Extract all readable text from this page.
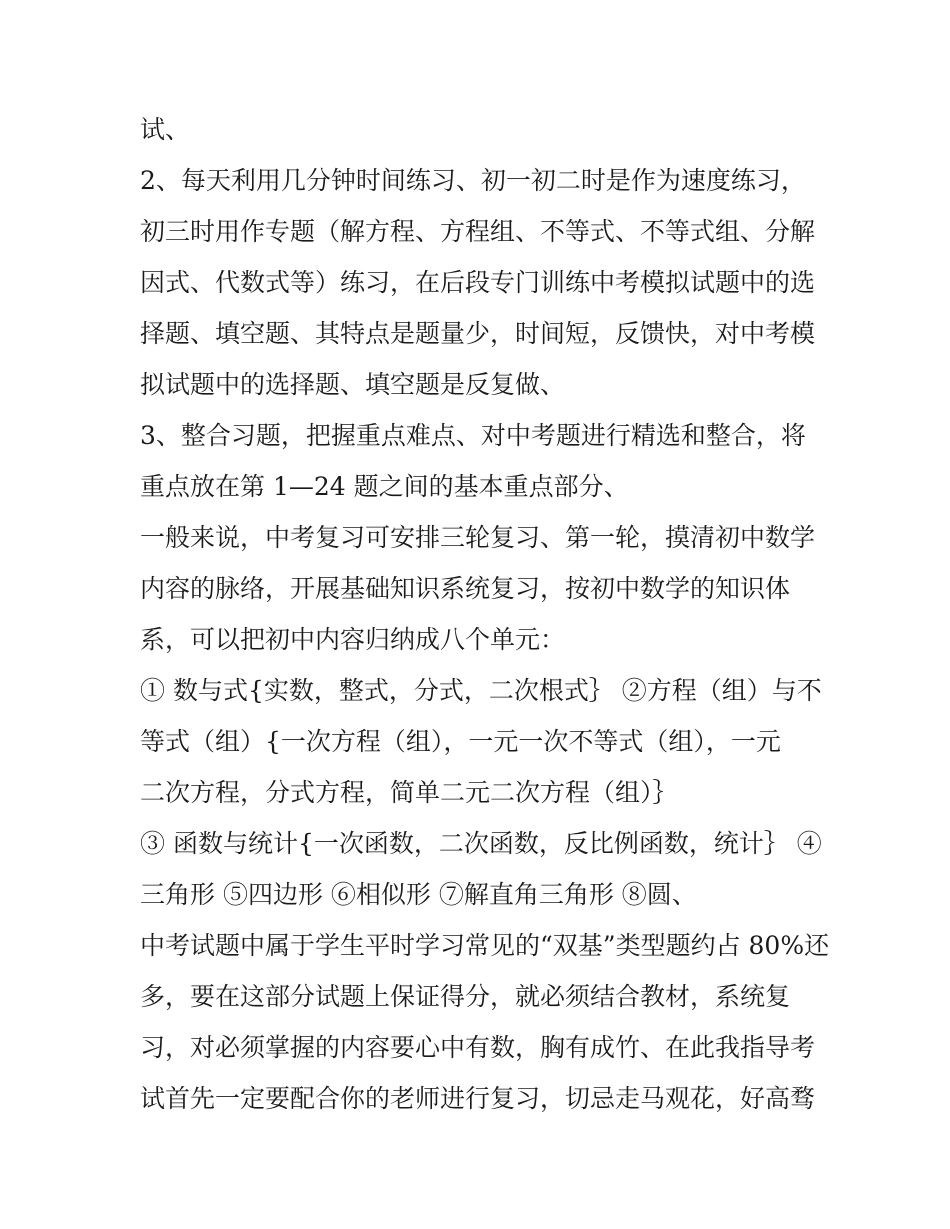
试、
2、每天利用几分钟时间练习、初一初二时是作为速度练习，
初三时用作专题（解方程、方程组、不等式、不等式组、分解
因式、代数式等）练习，在后段专门训练中考模拟试题中的选
择题、填空题、其特点是题量少，时间短，反馈快，对中考模
拟试题中的选择题、填空题是反复做、
3、整合习题，把握重点难点、对中考题进行精选和整合，将
重点放在第 1—24 题之间的基本重点部分、
一般来说，中考复习可安排三轮复习、第一轮，摸清初中数学
内容的脉络，开展基础知识系统复习，按初中数学的知识体
系，可以把初中内容归纳成八个单元：
① 数与式{实数，整式，分式，二次根式｝ ②方程（组）与不
等式（组）{一次方程（组），一元一次不等式（组），一元
二次方程，分式方程，简单二元二次方程（组）｝
③ 函数与统计{一次函数，二次函数，反比例函数，统计｝ ④
三角形 ⑤四边形 ⑥相似形 ⑦解直角三角形 ⑧圆、
中考试题中属于学生平时学习常见的“双基”类型题约占 80%还
多，要在这部分试题上保证得分，就必须结合教材，系统复
习，对必须掌握的内容要心中有数，胸有成竹、在此我指导考
试首先一定要配合你的老师进行复习，切忌走马观花，好高骛
